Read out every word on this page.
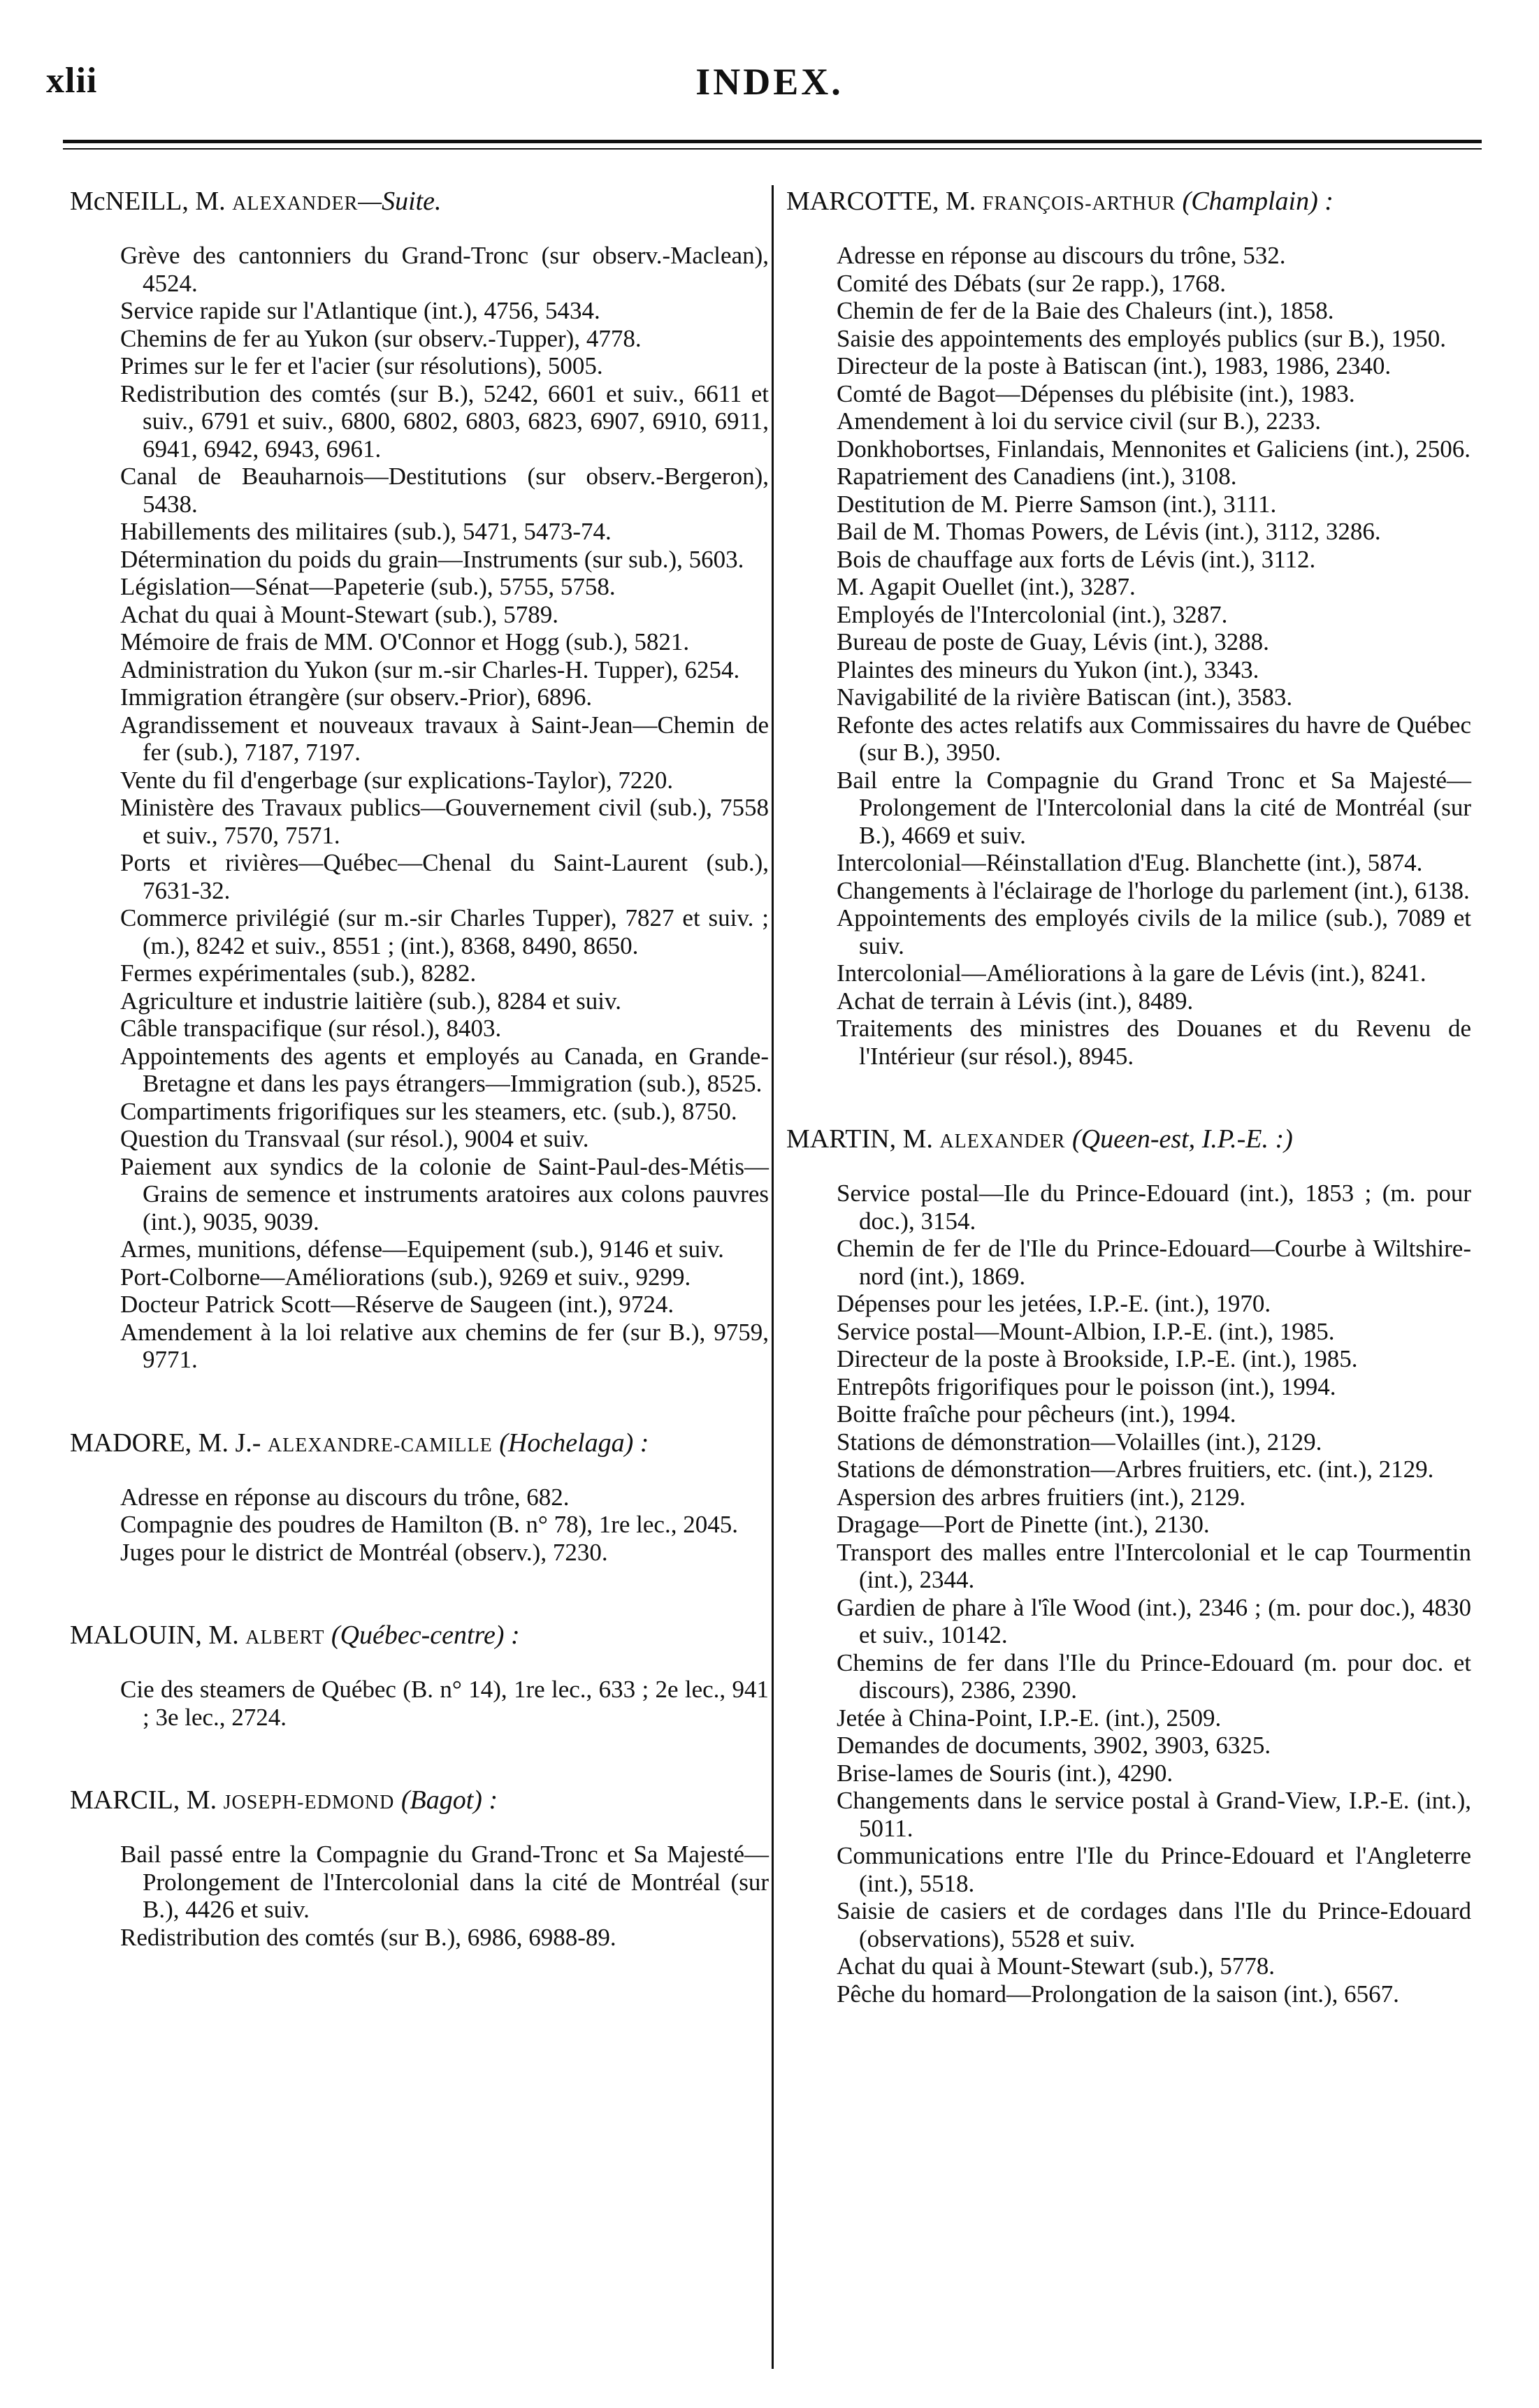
xlii	INDEX.
McNEILL, M. ALEXANDER—Suite.
Grève des cantonniers du Grand-Tronc (sur observ.-Maclean), 4524.
Service rapide sur l'Atlantique (int.), 4756, 5434.
Chemins de fer au Yukon (sur observ.-Tupper), 4778.
Primes sur le fer et l'acier (sur résolutions), 5005.
Redistribution des comtés (sur B.), 5242, 6601 et suiv., 6611 et suiv., 6791 et suiv., 6800, 6802, 6803, 6823, 6907, 6910, 6911, 6941, 6942, 6943, 6961.
Canal de Beauharnois—Destitutions (sur observ.-Bergeron), 5438.
Habillements des militaires (sub.), 5471, 5473-74.
Détermination du poids du grain—Instruments (sur sub.), 5603.
Législation—Sénat—Papeterie (sub.), 5755, 5758.
Achat du quai à Mount-Stewart (sub.), 5789.
Mémoire de frais de MM. O'Connor et Hogg (sub.), 5821.
Administration du Yukon (sur m.-sir Charles-H. Tupper), 6254.
Immigration étrangère (sur observ.-Prior), 6896.
Agrandissement et nouveaux travaux à Saint-Jean—Chemin de fer (sub.), 7187, 7197.
Vente du fil d'engerbage (sur explications-Taylor), 7220.
Ministère des Travaux publics—Gouvernement civil (sub.), 7558 et suiv., 7570, 7571.
Ports et rivières—Québec—Chenal du Saint-Laurent (sub.), 7631-32.
Commerce privilégié (sur m.-sir Charles Tupper), 7827 et suiv. ; (m.), 8242 et suiv., 8551 ; (int.), 8368, 8490, 8650.
Fermes expérimentales (sub.), 8282.
Agriculture et industrie laitière (sub.), 8284 et suiv.
Câble transpacifique (sur résol.), 8403.
Appointements des agents et employés au Canada, en Grande-Bretagne et dans les pays étrangers—Immigration (sub.), 8525.
Compartiments frigorifiques sur les steamers, etc. (sub.), 8750.
Question du Transvaal (sur résol.), 9004 et suiv.
Paiement aux syndics de la colonie de Saint-Paul-des-Métis—Grains de semence et instruments aratoires aux colons pauvres (int.), 9035, 9039.
Armes, munitions, défense—Equipement (sub.), 9146 et suiv.
Port-Colborne—Améliorations (sub.), 9269 et suiv., 9299.
Docteur Patrick Scott—Réserve de Saugeen (int.), 9724.
Amendement à la loi relative aux chemins de fer (sur B.), 9759, 9771.
MADORE, M. J.- ALEXANDRE-CAMILLE (Hochelaga) :
Adresse en réponse au discours du trône, 682.
Compagnie des poudres de Hamilton (B. n° 78), 1re lec., 2045.
Juges pour le district de Montréal (observ.), 7230.
MALOUIN, M. ALBERT (Québec-centre) :
Cie des steamers de Québec (B. n° 14), 1re lec., 633 ; 2e lec., 941 ; 3e lec., 2724.
MARCIL, M. JOSEPH-EDMOND (Bagot) :
Bail passé entre la Compagnie du Grand-Tronc et Sa Majesté—Prolongement de l'Intercolonial dans la cité de Montréal (sur B.), 4426 et suiv.
Redistribution des comtés (sur B.), 6986, 6988-89.
MARCOTTE, M. FRANÇOIS-ARTHUR (Champlain) :
Adresse en réponse au discours du trône, 532.
Comité des Débats (sur 2e rapp.), 1768.
Chemin de fer de la Baie des Chaleurs (int.), 1858.
Saisie des appointements des employés publics (sur B.), 1950.
Directeur de la poste à Batiscan (int.), 1983, 1986, 2340.
Comté de Bagot—Dépenses du plébisite (int.), 1983.
Amendement à loi du service civil (sur B.), 2233.
Donkhobortses, Finlandais, Mennonites et Galiciens (int.), 2506.
Rapatriement des Canadiens (int.), 3108.
Destitution de M. Pierre Samson (int.), 3111.
Bail de M. Thomas Powers, de Lévis (int.), 3112, 3286.
Bois de chauffage aux forts de Lévis (int.), 3112.
M. Agapit Ouellet (int.), 3287.
Employés de l'Intercolonial (int.), 3287.
Bureau de poste de Guay, Lévis (int.), 3288.
Plaintes des mineurs du Yukon (int.), 3343.
Navigabilité de la rivière Batiscan (int.), 3583.
Refonte des actes relatifs aux Commissaires du havre de Québec (sur B.), 3950.
Bail entre la Compagnie du Grand Tronc et Sa Majesté—Prolongement de l'Intercolonial dans la cité de Montréal (sur B.), 4669 et suiv.
Intercolonial—Réinstallation d'Eug. Blanchette (int.), 5874.
Changements à l'éclairage de l'horloge du parlement (int.), 6138.
Appointements des employés civils de la milice (sub.), 7089 et suiv.
Intercolonial—Améliorations à la gare de Lévis (int.), 8241.
Achat de terrain à Lévis (int.), 8489.
Traitements des ministres des Douanes et du Revenu de l'Intérieur (sur résol.), 8945.
MARTIN, M. ALEXANDER (Queen-est, I.P.-E. :)
Service postal—Ile du Prince-Edouard (int.), 1853 ; (m. pour doc.), 3154.
Chemin de fer de l'Ile du Prince-Edouard—Courbe à Wiltshire-nord (int.), 1869.
Dépenses pour les jetées, I.P.-E. (int.), 1970.
Service postal—Mount-Albion, I.P.-E. (int.), 1985.
Directeur de la poste à Brookside, I.P.-E. (int.), 1985.
Entrepôts frigorifiques pour le poisson (int.), 1994.
Boitte fraîche pour pêcheurs (int.), 1994.
Stations de démonstration—Volailles (int.), 2129.
Stations de démonstration—Arbres fruitiers, etc. (int.), 2129.
Aspersion des arbres fruitiers (int.), 2129.
Dragage—Port de Pinette (int.), 2130.
Transport des malles entre l'Intercolonial et le cap Tourmentin (int.), 2344.
Gardien de phare à l'île Wood (int.), 2346 ; (m. pour doc.), 4830 et suiv., 10142.
Chemins de fer dans l'Ile du Prince-Edouard (m. pour doc. et discours), 2386, 2390.
Jetée à China-Point, I.P.-E. (int.), 2509.
Demandes de documents, 3902, 3903, 6325.
Brise-lames de Souris (int.), 4290.
Changements dans le service postal à Grand-View, I.P.-E. (int.), 5011.
Communications entre l'Ile du Prince-Edouard et l'Angleterre (int.), 5518.
Saisie de casiers et de cordages dans l'Ile du Prince-Edouard (observations), 5528 et suiv.
Achat du quai à Mount-Stewart (sub.), 5778.
Pêche du homard—Prolongation de la saison (int.), 6567.
